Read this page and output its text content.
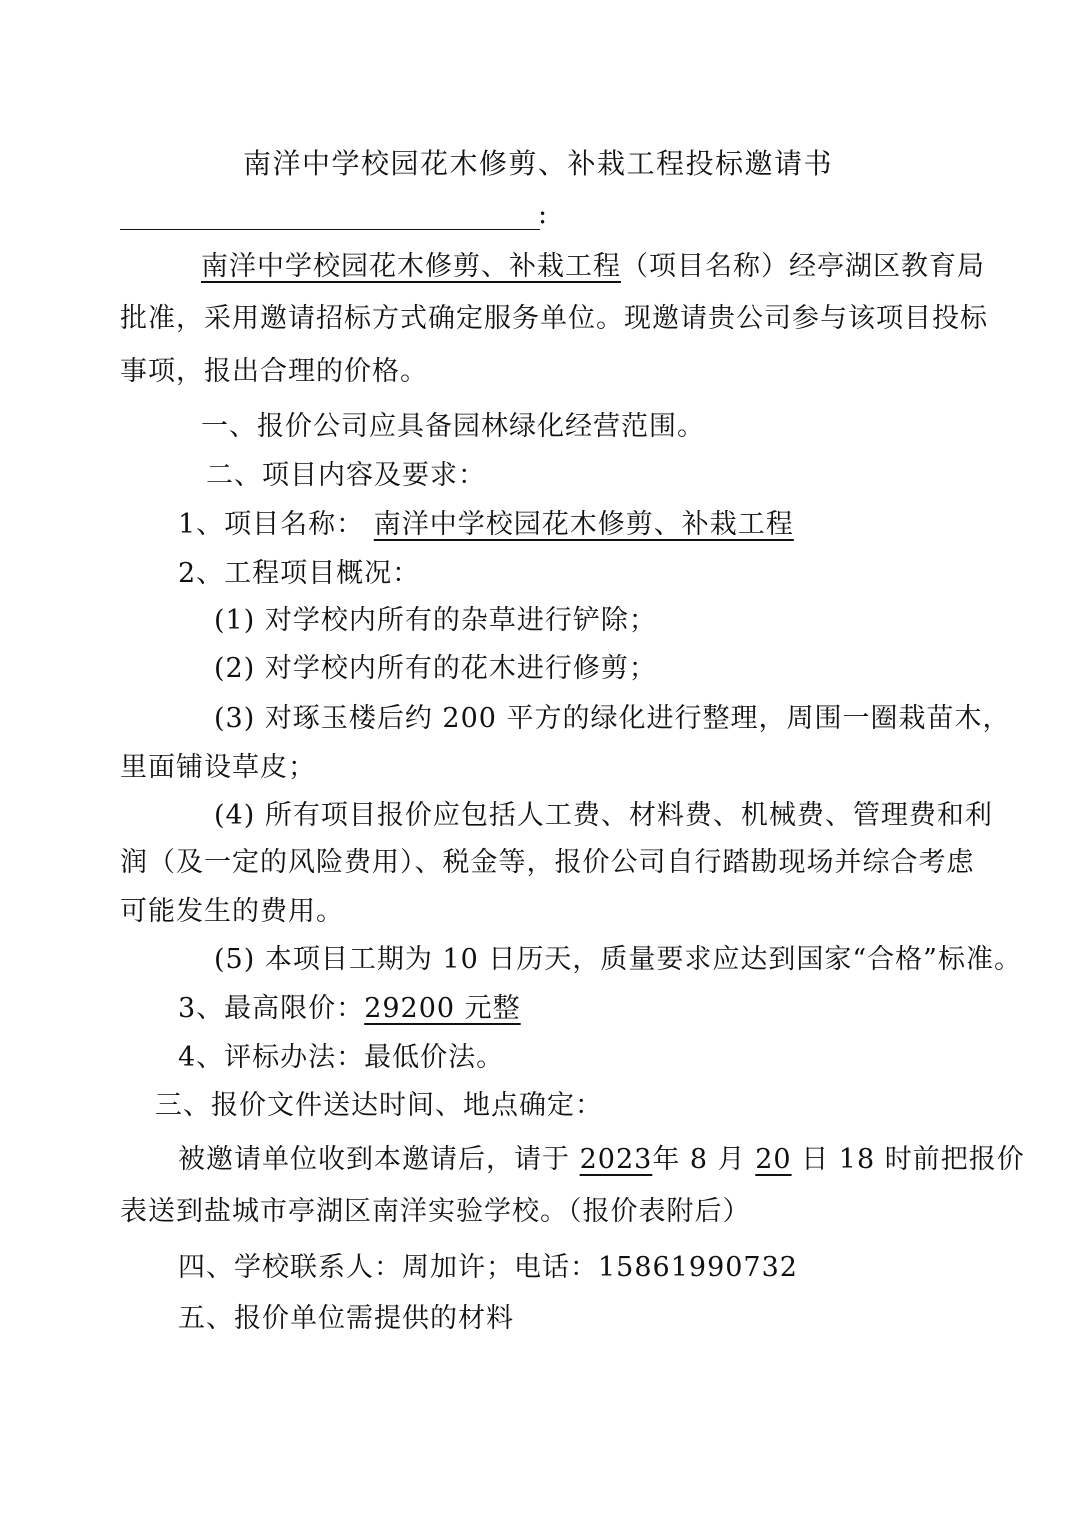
南洋中学校园花木修剪、补栽工程投标邀请书
:
南洋中学校园花木修剪、补栽工程（项目名称）经亭湖区教育局
批准，采用邀请招标方式确定服务单位。现邀请贵公司参与该项目投标
事项，报出合理的价格。
一、报价公司应具备园林绿化经营范围。
二、项目内容及要求：
1、项目名称： 南洋中学校园花木修剪、补栽工程
2、工程项目概况：
(1) 对学校内所有的杂草进行铲除；
(2) 对学校内所有的花木进行修剪；
(3) 对琢玉楼后约 200 平方的绿化进行整理，周围一圈栽苗木，
里面铺设草皮；
(4) 所有项目报价应包括人工费、材料费、机械费、管理费和利
润（及一定的风险费用）、税金等，报价公司自行踏勘现场并综合考虑
可能发生的费用。
(5) 本项目工期为 10 日历天，质量要求应达到国家“合格”标准。
3、最高限价：29200 元整
4、评标办法：最低价法。
三、报价文件送达时间、地点确定：
被邀请单位收到本邀请后，请于 2023年 8 月 20 日 18 时前把报价
表送到盐城市亭湖区南洋实验学校。（报价表附后）
四、学校联系人：周加许；电话：15861990732
五、报价单位需提供的材料
